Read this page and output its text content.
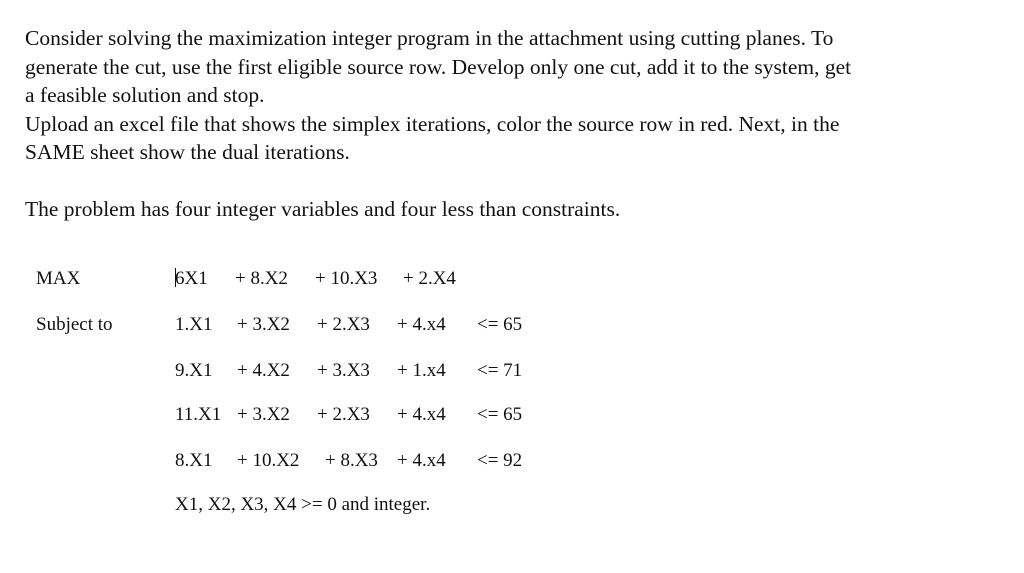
Consider solving the maximization integer program in the attachment using cutting planes. To

generate the cut, use the first eligible source row. Develop only one cut, add it to the system, get

a feasible solution and stop.

Upload an excel file that shows the simplex iterations, color the source row in red. Next, in the

SAME sheet show the dual iterations.

The problem has four integer variables and four less than constraints.

MAX	6X1 + 8.X2 + 10.X3 + 2.X4
Subject to	1.X1 + 3.X2 + 2.X3 + 4.x4 <= 65
9.X1 + 4.X2 + 3.X3 + 1.x4 <= 71
11.X1 + 3.X2 + 2.X3 + 4.x4 <= 65
8.X1 + 10.X2 + 8.X3 + 4.x4 <= 92
X1, X2, X3, X4 >= 0 and integer.
